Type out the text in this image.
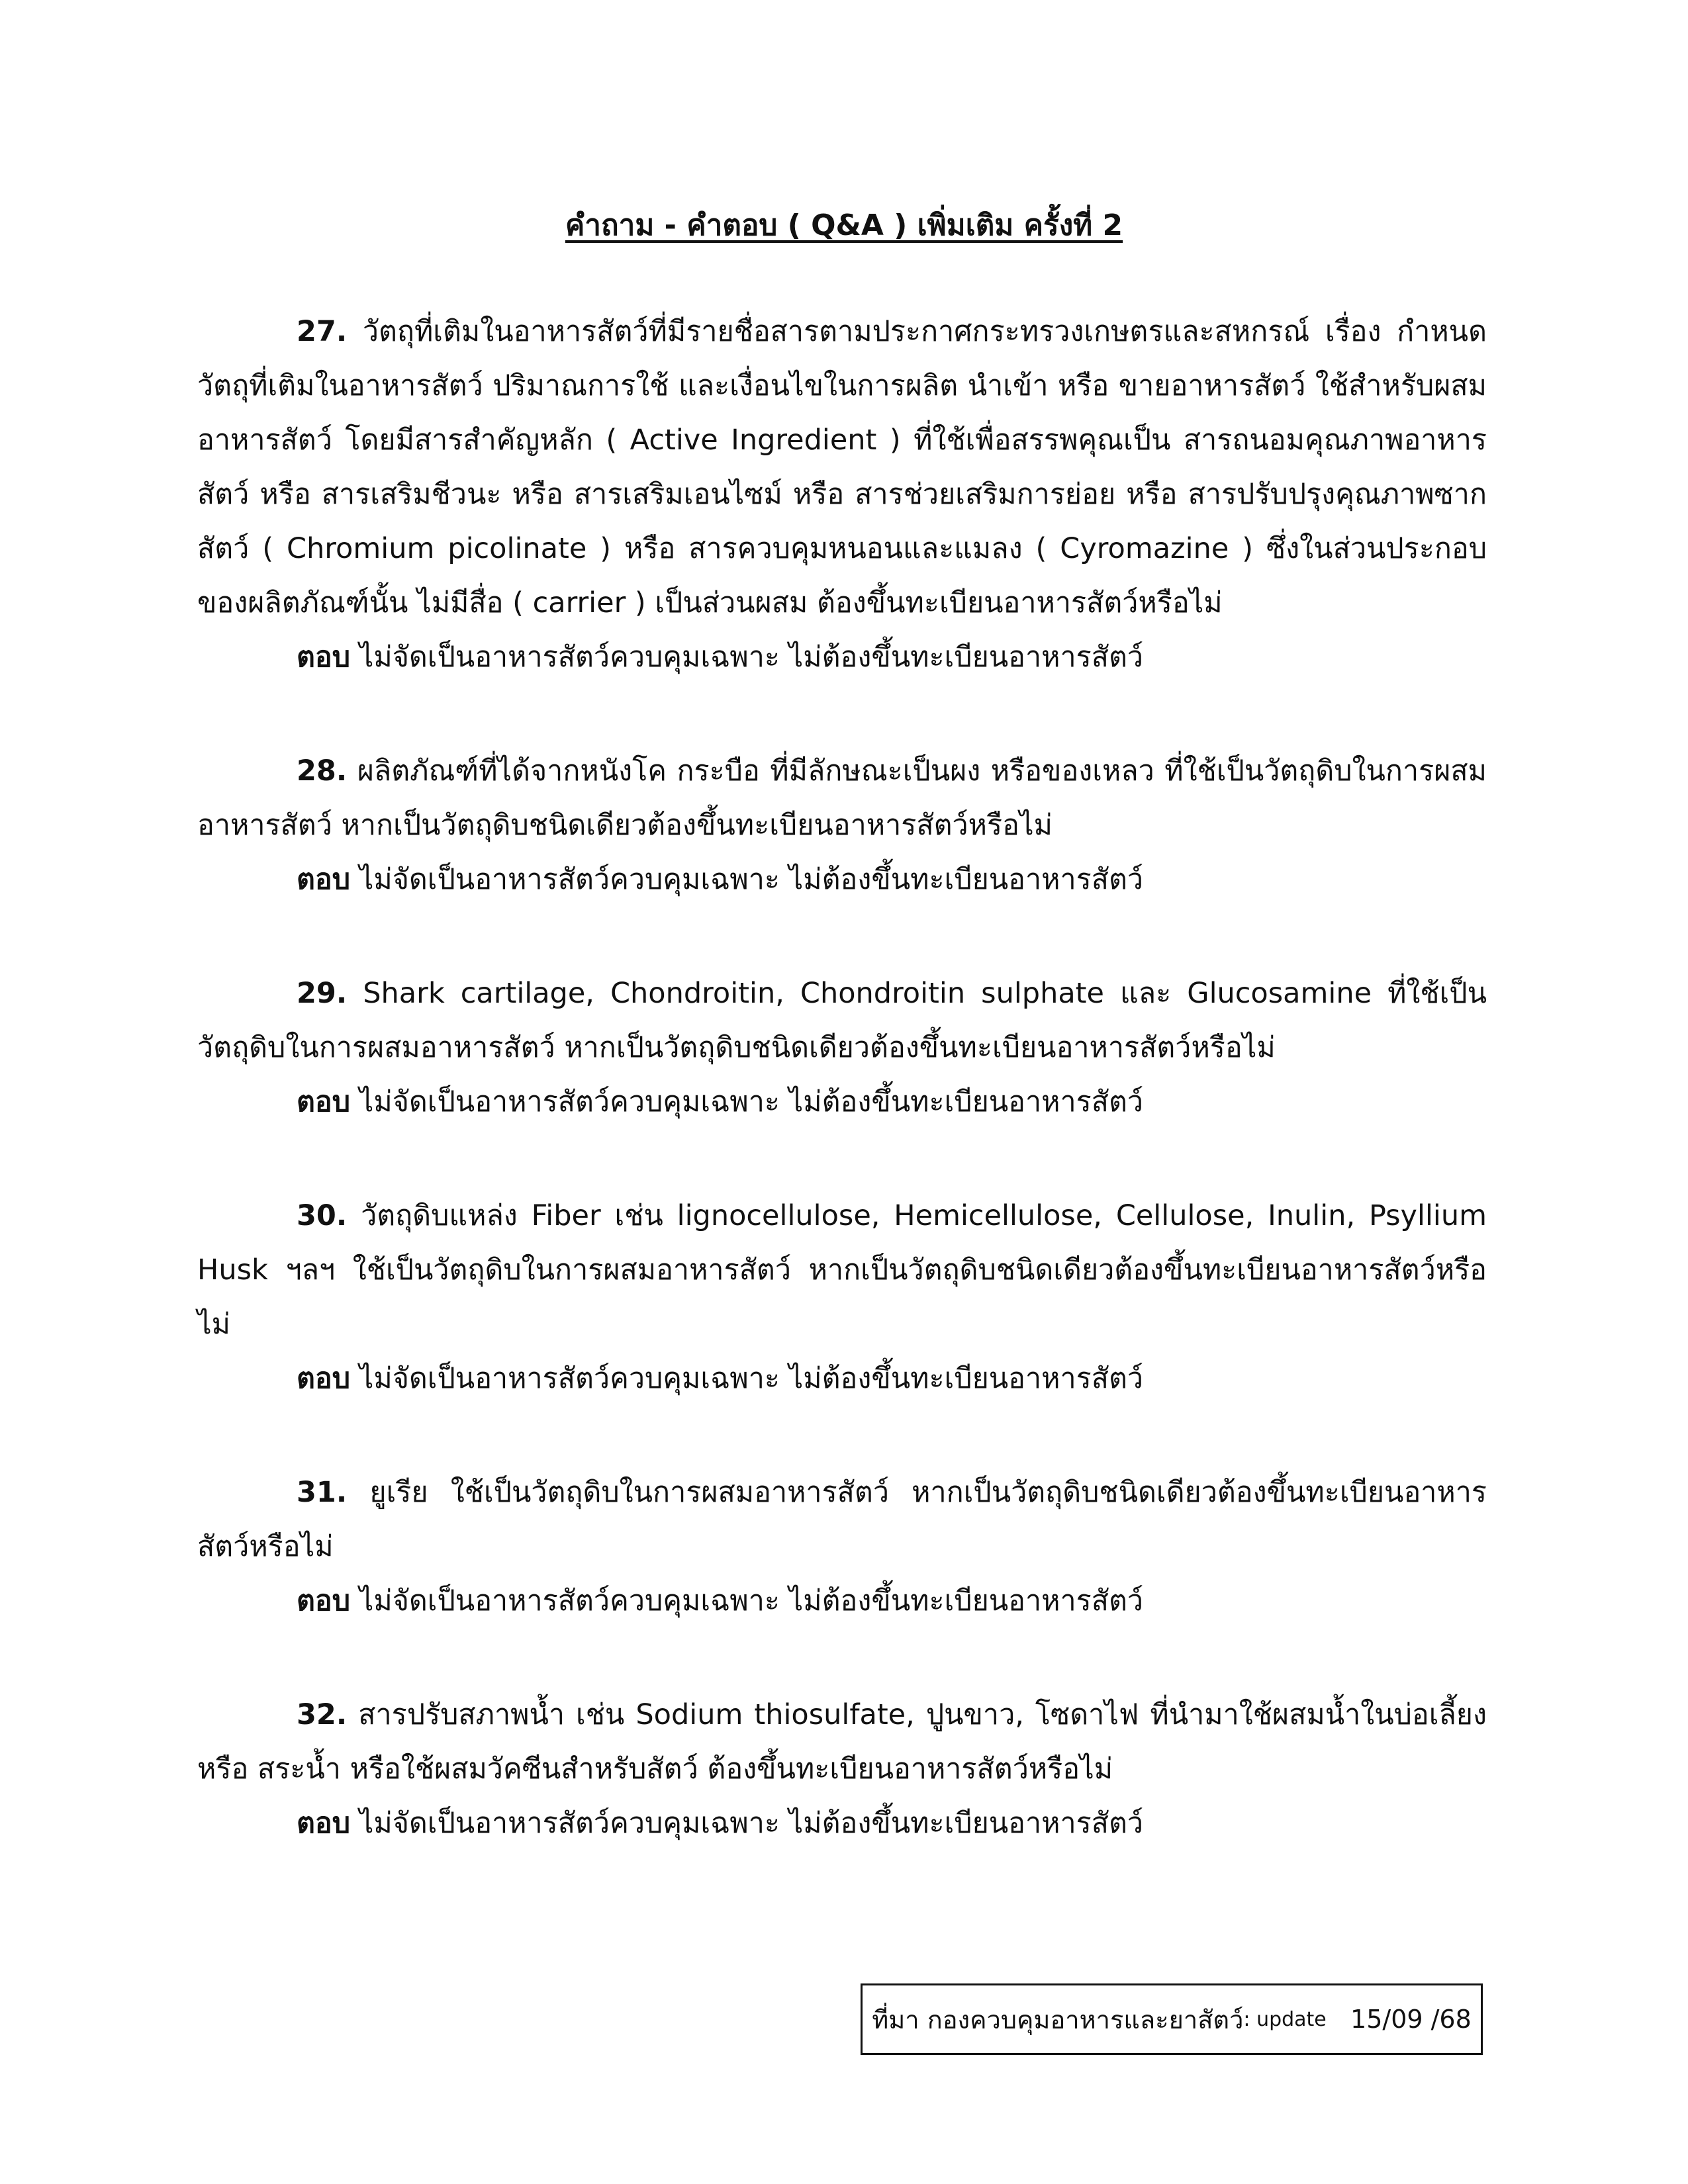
คำถาม - คำตอบ ( Q&A ) เพิ่มเติม ครั้งที่ 2

27. วัตถุที่เติมในอาหารสัตว์ที่มีรายชื่อสารตามประกาศกระทรวงเกษตรและสหกรณ์ เรื่อง กำหนดวัตถุที่เติมในอาหารสัตว์ ปริมาณการใช้ และเงื่อนไขในการผลิต นำเข้า หรือ ขายอาหารสัตว์ ใช้สำหรับผสมอาหารสัตว์ โดยมีสารสำคัญหลัก ( Active Ingredient ) ที่ใช้เพื่อสรรพคุณเป็น สารถนอมคุณภาพอาหารสัตว์ หรือ สารเสริมชีวนะ หรือ สารเสริมเอนไซม์ หรือ สารช่วยเสริมการย่อย หรือ สารปรับปรุงคุณภาพซากสัตว์ ( Chromium picolinate ) หรือ สารควบคุมหนอนและแมลง ( Cyromazine ) ซึ่งในส่วนประกอบของผลิตภัณฑ์นั้น ไม่มีสื่อ ( carrier ) เป็นส่วนผสม ต้องขึ้นทะเบียนอาหารสัตว์หรือไม่

ตอบ ไม่จัดเป็นอาหารสัตว์ควบคุมเฉพาะ ไม่ต้องขึ้นทะเบียนอาหารสัตว์

28. ผลิตภัณฑ์ที่ได้จากหนังโค กระบือ ที่มีลักษณะเป็นผง หรือของเหลว ที่ใช้เป็นวัตถุดิบในการผสมอาหารสัตว์ หากเป็นวัตถุดิบชนิดเดียวต้องขึ้นทะเบียนอาหารสัตว์หรือไม่

ตอบ ไม่จัดเป็นอาหารสัตว์ควบคุมเฉพาะ ไม่ต้องขึ้นทะเบียนอาหารสัตว์

29. Shark cartilage, Chondroitin, Chondroitin sulphate และ Glucosamine ที่ใช้เป็นวัตถุดิบในการผสมอาหารสัตว์ หากเป็นวัตถุดิบชนิดเดียวต้องขึ้นทะเบียนอาหารสัตว์หรือไม่

ตอบ ไม่จัดเป็นอาหารสัตว์ควบคุมเฉพาะ ไม่ต้องขึ้นทะเบียนอาหารสัตว์

30. วัตถุดิบแหล่ง Fiber เช่น lignocellulose, Hemicellulose, Cellulose, Inulin, Psyllium Husk ฯลฯ ใช้เป็นวัตถุดิบในการผสมอาหารสัตว์ หากเป็นวัตถุดิบชนิดเดียวต้องขึ้นทะเบียนอาหารสัตว์หรือไม่

ตอบ ไม่จัดเป็นอาหารสัตว์ควบคุมเฉพาะ ไม่ต้องขึ้นทะเบียนอาหารสัตว์

31. ยูเรีย ใช้เป็นวัตถุดิบในการผสมอาหารสัตว์ หากเป็นวัตถุดิบชนิดเดียวต้องขึ้นทะเบียนอาหารสัตว์หรือไม่

ตอบ ไม่จัดเป็นอาหารสัตว์ควบคุมเฉพาะ ไม่ต้องขึ้นทะเบียนอาหารสัตว์

32. สารปรับสภาพน้ำ เช่น Sodium thiosulfate, ปูนขาว, โซดาไฟ ที่นำมาใช้ผสมน้ำในบ่อเลี้ยง หรือ สระน้ำ หรือใช้ผสมวัคซีนสำหรับสัตว์ ต้องขึ้นทะเบียนอาหารสัตว์หรือไม่

ตอบ ไม่จัดเป็นอาหารสัตว์ควบคุมเฉพาะ ไม่ต้องขึ้นทะเบียนอาหารสัตว์

ที่มา กองควบคุมอาหารและยาสัตว์ : update
15/09 /68
